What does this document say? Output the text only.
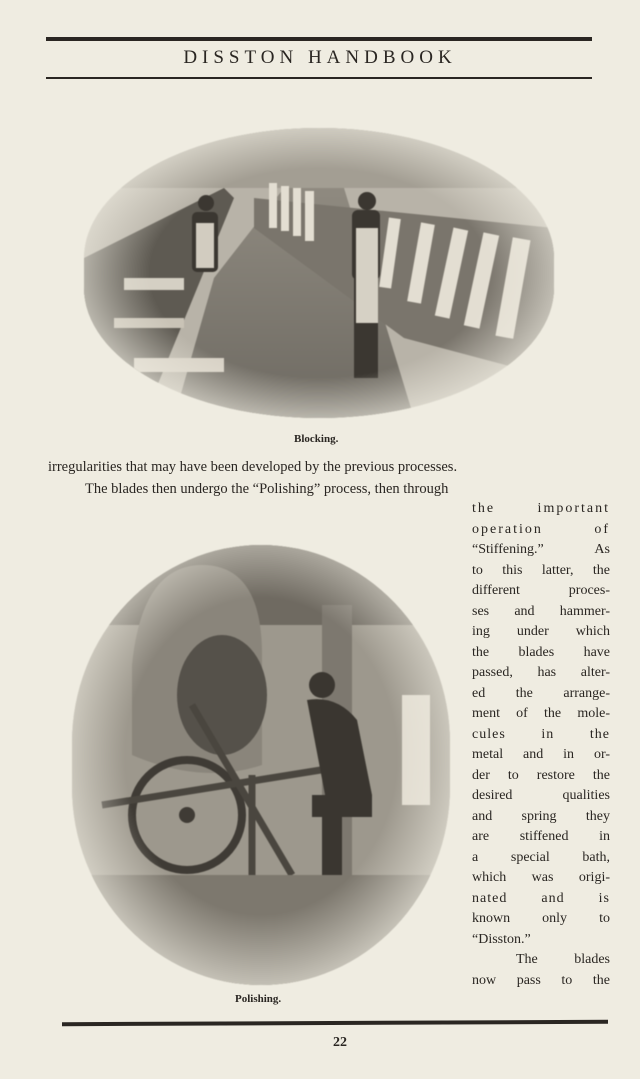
DISSTON HANDBOOK
Blocking.
irregularities that may have been developed by the previous processes.
The blades then undergo the “Polishing” process, then through
Polishing.
the important
operation of
“Stiffening.” As
to this latter, the
different proces-
ses and hammer-
ing under which
the blades have
passed, has alter-
ed the arrange-
ment of the mole-
cules in the
metal and in or-
der to restore the
desired qualities
and spring they
are stiffened in
a special bath,
which was origi-
nated and is
known only to
“Disston.”
The blades
now pass to the
22
